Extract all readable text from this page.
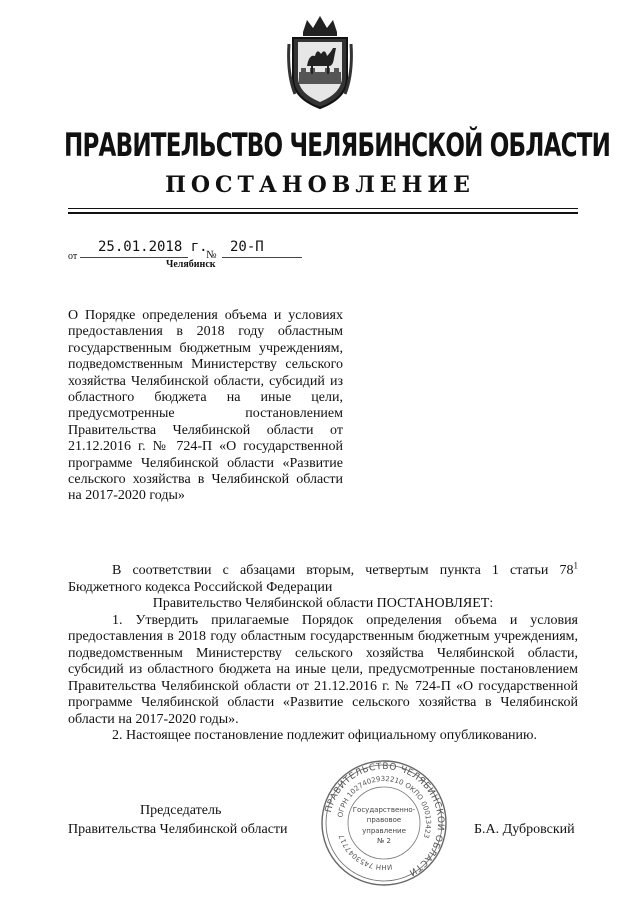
ПРАВИТЕЛЬСТВО ЧЕЛЯБИНСКОЙ ОБЛАСТИ
ПОСТАНОВЛЕНИЕ
от
25.01.2018 г.
№ 20-П
Челябинск
О Порядке определения объема и условиях предоставления в 2018 году областным государственным бюджетным учреждениям, подведомственным Министерству сельского хозяйства Челябинской области, субсидий из областного бюджета на иные цели, предусмотренные постановлением Правительства Челябинской области от 21.12.2016 г. № 724-П «О государственной программе Челябинской области «Развитие сельского хозяйства в Челябинской области на 2017-2020 годы»

В соответствии с абзацами вторым, четвертым пункта 1 статьи $78^1$ Бюджетного кодекса Российской Федерации

Правительство Челябинской области ПОСТАНОВЛЯЕТ:

1. Утвердить прилагаемые Порядок определения объема и условия предоставления в 2018 году областным государственным бюджетным учреждениям, подведомственным Министерству сельского хозяйства Челябинской области, субсидий из областного бюджета на иные цели, предусмотренные постановлением Правительства Челябинской области от 21.12.2016 г. № 724-П «О государственной программе Челябинской области «Развитие сельского хозяйства в Челябинской области на 2017-2020 годы».

2. Настоящее постановление подлежит официальному опубликованию.

Председатель
Правительства Челябинской области	Б.А. Дубровский
ПРАВИТЕЛЬСТВО ЧЕЛЯБИНСКОЙ ОБЛАСТИ
ОГРН 1027402932210 ОКПО 00013423
ИНН 7453047717
Государственно-
правовое
управление
№ 2
